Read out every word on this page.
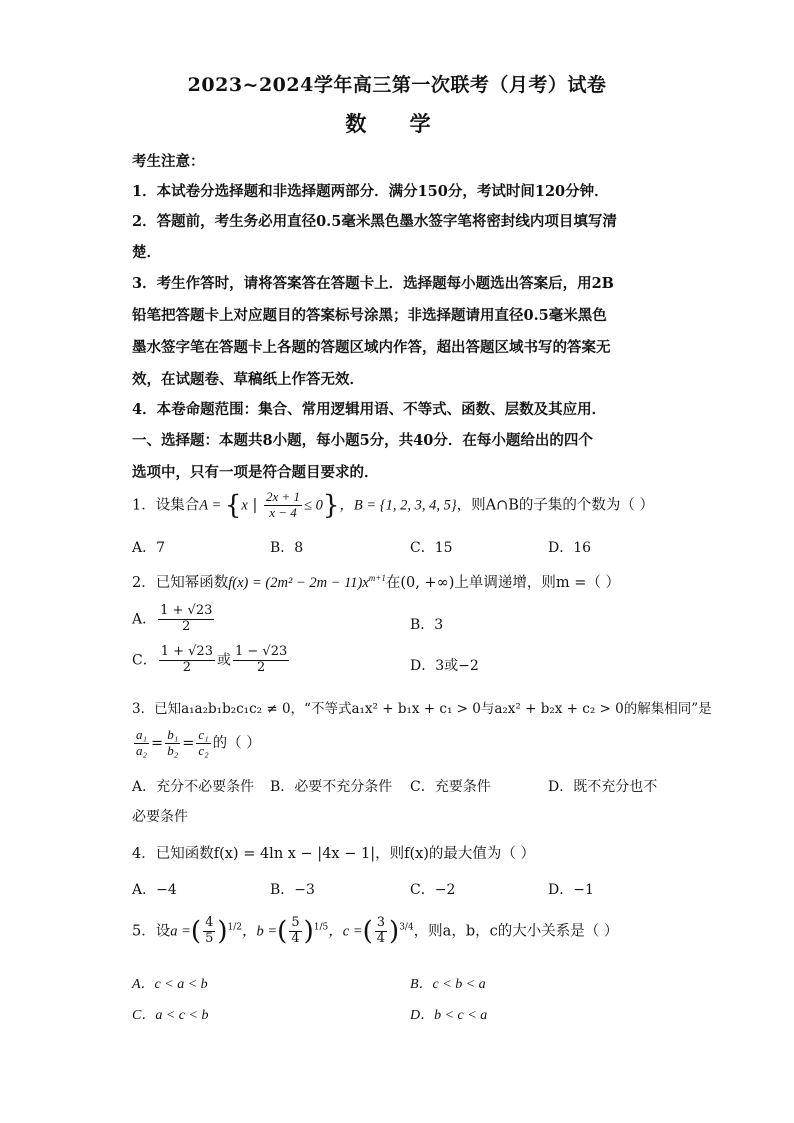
2023~2024学年高三第一次联考（月考）试卷
数 学
考生注意：
1．本试卷分选择题和非选择题两部分．满分150分，考试时间120分钟．
2．答题前，考生务必用直径0.5毫米黑色墨水签字笔将密封线内项目填写清
楚．
3．考生作答时，请将答案答在答题卡上．选择题每小题选出答案后，用2B
铅笔把答题卡上对应题目的答案标号涂黑；非选择题请用直径0.5毫米黑色
墨水签字笔在答题卡上各题的答题区域内作答，超出答题区域书写的答案无
效，在试题卷、草稿纸上作答无效．
4．本卷命题范围：集合、常用逻辑用语、不等式、函数、层数及其应用．
一、选择题：本题共8小题，每小题5分，共40分．在每小题给出的四个
选项中，只有一项是符合题目要求的．
1．设集合A = {x | $\frac{2x + 1}{x - 4} \le 0$}，B = {1, 2, 3, 4, 5}，则A∩B的子集的个数为（ ）
A．7	B．8	C．15	D．16
2．已知幂函数$f(x) = (2m^2 - 2m - 11)x^{m+1}$在(0, +∞)上单调递增，则m =（ ）
A． $\frac{1 + √23}{2}$	B．3
C． $\frac{1 + √23}{2}$ 或 $\frac{1 - √23}{2}$	D．3或−2
3．已知a₁a₂b₁b₂c₁c₂ ≠ 0，“不等式a₁x² + b₁x + c₁ > 0与a₂x² + b₂x + c₂ > 0的解集相同”是
$\frac{\text{a₁}}{\text{a₂}} = \frac{\text{b₁}}{\text{b₂}} = \frac{\text{c₁}}{\text{c₂}}$ 的（ ）
A．充分不必要条件 B．必要不充分条件 C．充要条件	D．既不充分也不
必要条件
4．已知函数f(x) = 4ln x − |4x − 1|，则f(x)的最大值为（ ）
A．−4	B．−3	C．−2	D．−1
5．设a =( $\frac{4}{5} )^{1/2}$，b =( $\frac{5}{4} )^{1/5}$，c =( $\frac{3}{4} )^{3/4}$，则a，b，c的大小关系是（ ）
A．c < a < b	B．c < b < a
C．a < c < b	D．b < c < a
